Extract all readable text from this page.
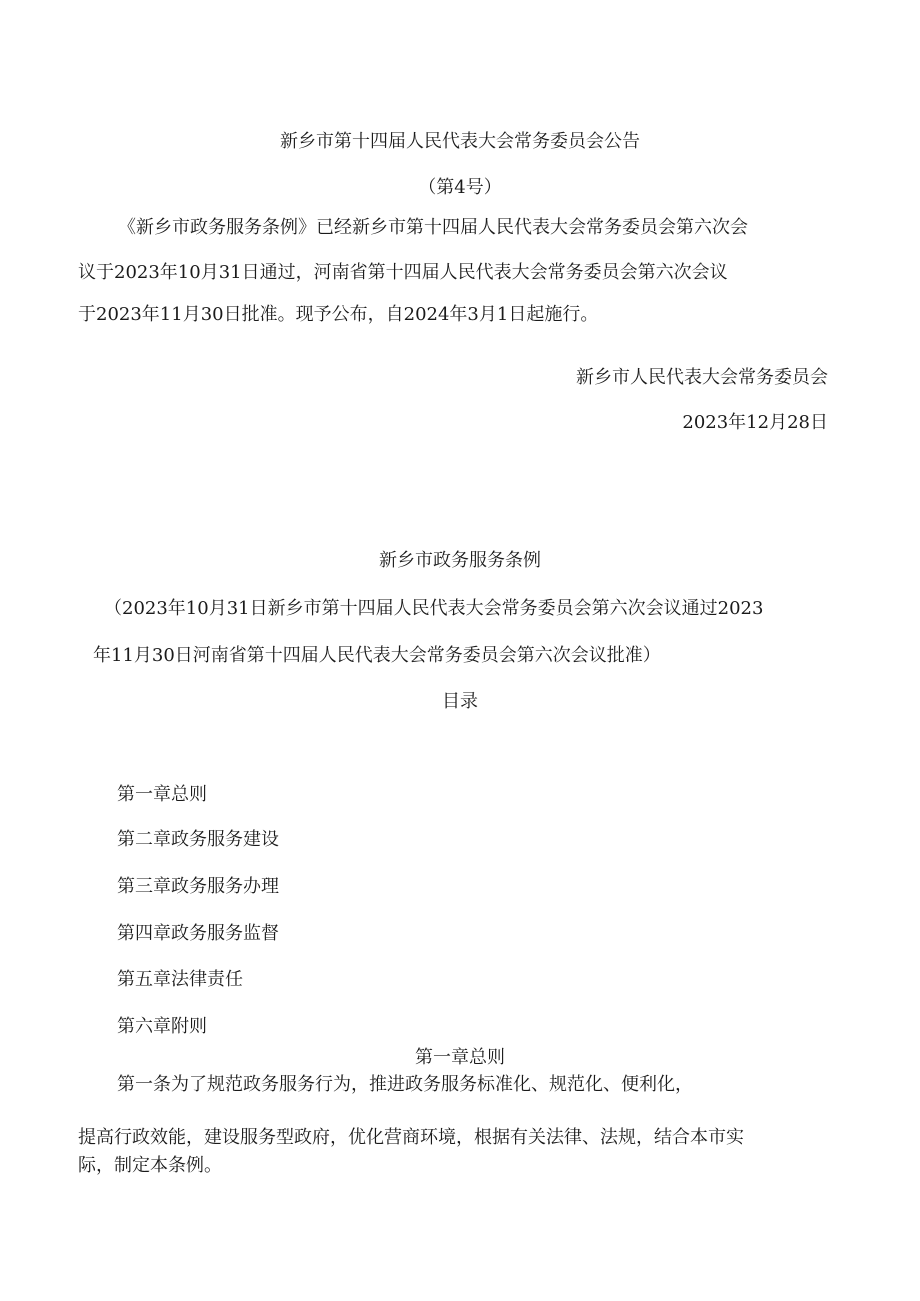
新乡市第十四届人民代表大会常务委员会公告
（第4号）
《新乡市政务服务条例》已经新乡市第十四届人民代表大会常务委员会第六次会
议于2023年10月31日通过，河南省第十四届人民代表大会常务委员会第六次会议
于2023年11月30日批准。现予公布，自2024年3月1日起施行。
新乡市人民代表大会常务委员会
2023年12月28日
新乡市政务服务条例
（2023年10月31日新乡市第十四届人民代表大会常务委员会第六次会议通过2023
年11月30日河南省第十四届人民代表大会常务委员会第六次会议批准）
目录
第一章总则
第二章政务服务建设
第三章政务服务办理
第四章政务服务监督
第五章法律责任
第六章附则
第一章总则
第一条为了规范政务服务行为，推进政务服务标准化、规范化、便利化，
提高行政效能，建设服务型政府，优化营商环境，根据有关法律、法规，结合本市实
际，制定本条例。
